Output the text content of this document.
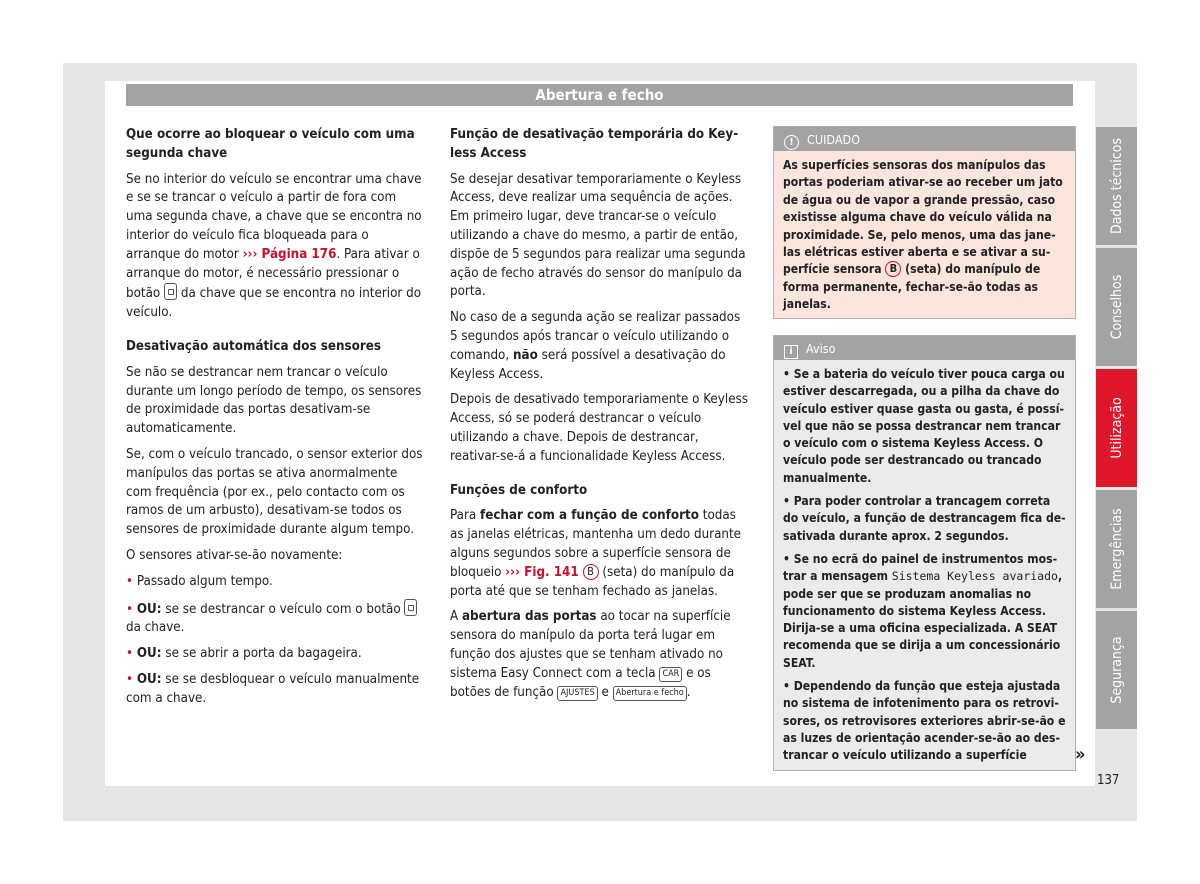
Abertura e fecho
Que ocorre ao bloquear o veículo com uma segunda chave

Se no interior do veículo se encontrar uma chave e se se trancar o veículo a partir de fora com uma segunda chave, a chave que se encontra no interior do veículo fica bloqueada para o arranque do motor ››› Página 176. Para ativar o arranque do motor, é necessário pressionar o botão  da chave que se encontra no interior do veículo.

Desativação automática dos sensores

Se não se destrancar nem trancar o veículo durante um longo período de tempo, os sensores de proximidade das portas desativam-se automaticamente.

Se, com o veículo trancado, o sensor exterior dos manípulos das portas se ativa anormalmente com frequência (por ex., pelo contacto com os ramos de um arbusto), desativam-se todos os sensores de proximidade durante algum tempo.

O sensores ativar-se-ão novamente:

• Passado algum tempo.

• OU: se se destrancar o veículo com o botão  da chave.

• OU: se se abrir a porta da bagageira.

• OU: se se desbloquear o veículo manualmente com a chave.

Função de desativação temporária do Keyless Access

Se desejar desativar temporariamente o Keyless Access, deve realizar uma sequência de ações. Em primeiro lugar, deve trancar-se o veículo utilizando a chave do mesmo, a partir de então, dispõe de 5 segundos para realizar uma segunda ação de fecho através do sensor do manípulo da porta.

No caso de a segunda ação se realizar passados 5 segundos após trancar o veículo utilizando o comando, não será possível a desativação do Keyless Access.

Depois de desativado temporariamente o Keyless Access, só se poderá destrancar o veículo utilizando a chave. Depois de destrancar, reativar-se-á a funcionalidade Keyless Access.

Funções de conforto

Para fechar com a função de conforto todas as janelas elétricas, mantenha um dedo durante alguns segundos sobre a superfície sensora de bloqueio ››› Fig. 141 B (seta) do manípulo da porta até que se tenham fechado as janelas.

A abertura das portas ao tocar na superfície sensora do manípulo da porta terá lugar em função dos ajustes que se tenham ativado no sistema Easy Connect com a tecla CAR e os botões de função AJUSTES e Abertura e fecho .

! CUIDADO
As superfícies sensoras dos manípulos das portas poderiam ativar-se ao receber um jato de água ou de vapor a grande pressão, caso existisse alguma chave do veículo válida na proximidade. Se, pelo menos, uma das janelas elétricas estiver aberta e se ativar a superfície sensora B (seta) do manípulo de forma permanente, fechar-se-ão todas as janelas.
i Aviso

• Se a bateria do veículo tiver pouca carga ou estiver descarregada, ou a pilha da chave do veículo estiver quase gasta ou gasta, é possível que não se possa destrancar nem trancar o veículo com o sistema Keyless Access. O veículo pode ser destrancado ou trancado manualmente.

• Para poder controlar a trancagem correta do veículo, a função de destrancagem fica desativada durante aprox. 2 segundos.

• Se no ecrã do painel de instrumentos mostrar a mensagem Sistema Keyless avariado, pode ser que se produzam anomalias no funcionamento do sistema Keyless Access. Dirija-se a uma oficina especializada. A SEAT recomenda que se dirija a um concessionário SEAT.

• Dependendo da função que esteja ajustada no sistema de infotenimento para os retrovisores, os retrovisores exteriores abrir-se-ão e as luzes de orientação acender-se-ão ao destrancar o veículo utilizando a superfície

Dados técnicos
Conselhos
Utilização
Emergências
Segurança
»
137
